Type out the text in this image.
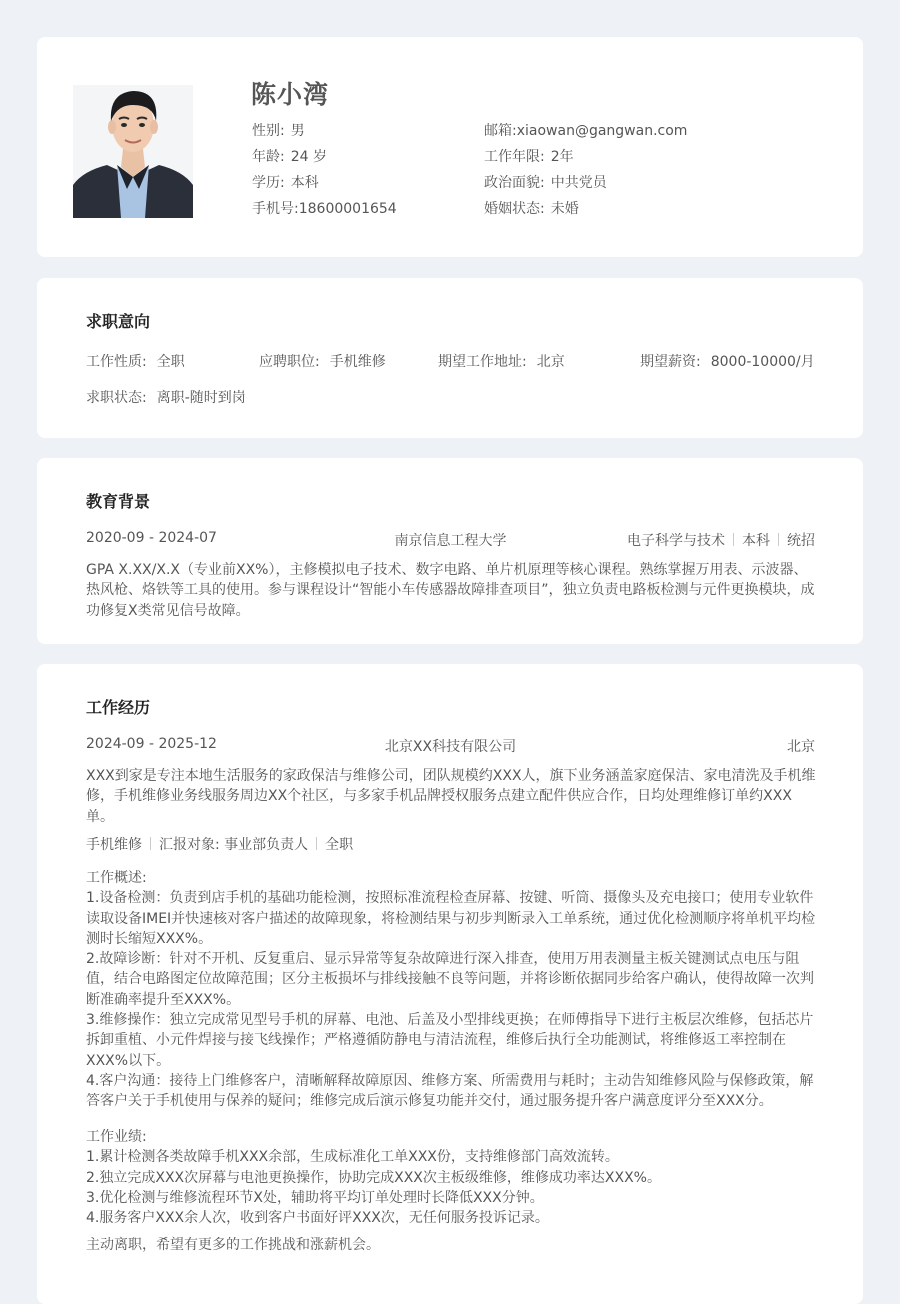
陈小湾
性别: 男
年龄: 24 岁
学历: 本科
手机号:18600001654
邮箱:xiaowan@gangwan.com
工作年限: 2年
政治面貌: 中共党员
婚姻状态: 未婚
求职意向
工作性质: 全职	应聘职位: 手机维修	期望工作地址: 北京	期望薪资: 8000-10000/月
求职状态: 离职-随时到岗
教育背景
2020-09 - 2024-07	南京信息工程大学	电子科学与技术 本科 统招
GPA X.XX/X.X（专业前XX%），主修模拟电子技术、数字电路、单片机原理等核心课程。熟练掌握万用表、示波器、热风枪、烙铁等工具的使用。参与课程设计“智能小车传感器故障排查项目”，独立负责电路板检测与元件更换模块，成功修复X类常见信号故障。
工作经历
2024-09 - 2025-12	北京XX科技有限公司	北京
XXX到家是专注本地生活服务的家政保洁与维修公司，团队规模约XXX人，旗下业务涵盖家庭保洁、家电清洗及手机维修，手机维修业务线服务周边XX个社区，与多家手机品牌授权服务点建立配件供应合作，日均处理维修订单约XXX单。
手机维修 汇报对象: 事业部负责人 全职
工作概述:
1.设备检测：负责到店手机的基础功能检测，按照标准流程检查屏幕、按键、听筒、摄像头及充电接口；使用专业软件读取设备IMEI并快速核对客户描述的故障现象，将检测结果与初步判断录入工单系统，通过优化检测顺序将单机平均检测时长缩短XXX%。
2.故障诊断：针对不开机、反复重启、显示异常等复杂故障进行深入排查，使用万用表测量主板关键测试点电压与阻值，结合电路图定位故障范围；区分主板损坏与排线接触不良等问题，并将诊断依据同步给客户确认，使得故障一次判断准确率提升至XXX%。
3.维修操作：独立完成常见型号手机的屏幕、电池、后盖及小型排线更换；在师傅指导下进行主板层次维修，包括芯片拆卸重植、小元件焊接与接飞线操作；严格遵循防静电与清洁流程，维修后执行全功能测试，将维修返工率控制在XXX%以下。
4.客户沟通：接待上门维修客户，清晰解释故障原因、维修方案、所需费用与耗时；主动告知维修风险与保修政策，解答客户关于手机使用与保养的疑问；维修完成后演示修复功能并交付，通过服务提升客户满意度评分至XXX分。
工作业绩:
1.累计检测各类故障手机XXX余部，生成标准化工单XXX份，支持维修部门高效流转。
2.独立完成XXX次屏幕与电池更换操作，协助完成XXX次主板级维修，维修成功率达XXX%。
3.优化检测与维修流程环节X处，辅助将平均订单处理时长降低XXX分钟。
4.服务客户XXX余人次，收到客户书面好评XXX次，无任何服务投诉记录。
主动离职，希望有更多的工作挑战和涨薪机会。
